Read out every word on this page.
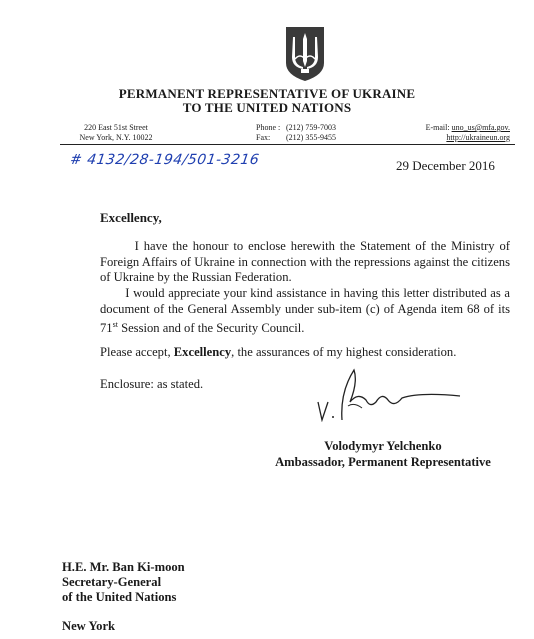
PERMANENT REPRESENTATIVE OF UKRAINE
TO THE UNITED NATIONS
220 East 51st Street
New York, N.Y. 10022
Phone : (212) 759-7003
Fax: (212) 355-9455
E-mail: uno_us@mfa.gov.
http://ukraineun.org
# 4132/28-194/501-3216	29 December 2016
Excellency,
I have the honour to enclose herewith the Statement of the Ministry of Foreign Affairs of Ukraine in connection with the repressions against the citizens of Ukraine by the Russian Federation.
I would appreciate your kind assistance in having this letter distributed as a document of the General Assembly under sub-item (c) of Agenda item 68 of its 71st Session and of the Security Council.
Please accept, Excellency, the assurances of my highest consideration.
Enclosure: as stated.
Volodymyr Yelchenko
Ambassador, Permanent Representative
H.E. Mr. Ban Ki-moon
Secretary-General
of the United Nations
New York
